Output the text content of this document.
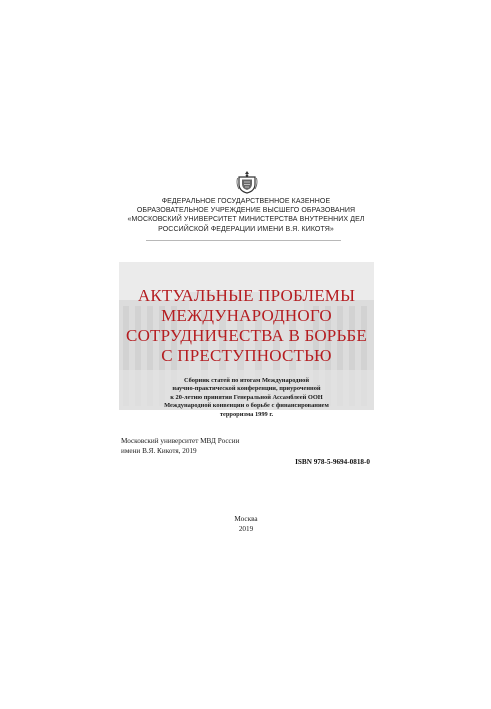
ФЕДЕРАЛЬНОЕ ГОСУДАРСТВЕННОЕ КАЗЕННОЕ
ОБРАЗОВАТЕЛЬНОЕ УЧРЕЖДЕНИЕ ВЫСШЕГО ОБРАЗОВАНИЯ
«МОСКОВСКИЙ УНИВЕРСИТЕТ МИНИСТЕРСТВА ВНУТРЕННИХ ДЕЛ
РОССИЙСКОЙ ФЕДЕРАЦИИ ИМЕНИ В.Я. КИКОТЯ»
АКТУАЛЬНЫЕ ПРОБЛЕМЫ
МЕЖДУНАРОДНОГО
СОТРУДНИЧЕСТВА В БОРЬБЕ
С ПРЕСТУПНОСТЬЮ
Сборник статей по итогам Международной
научно-практической конференции, приуроченной
к 20-летию принятия Генеральной Ассамблеей ООН
Международной конвенции о борьбе с финансированием
терроризма 1999 г.
Московский университет МВД России
имени В.Я. Кикотя, 2019
ISBN 978-5-9694-0818-0
Москва
2019
